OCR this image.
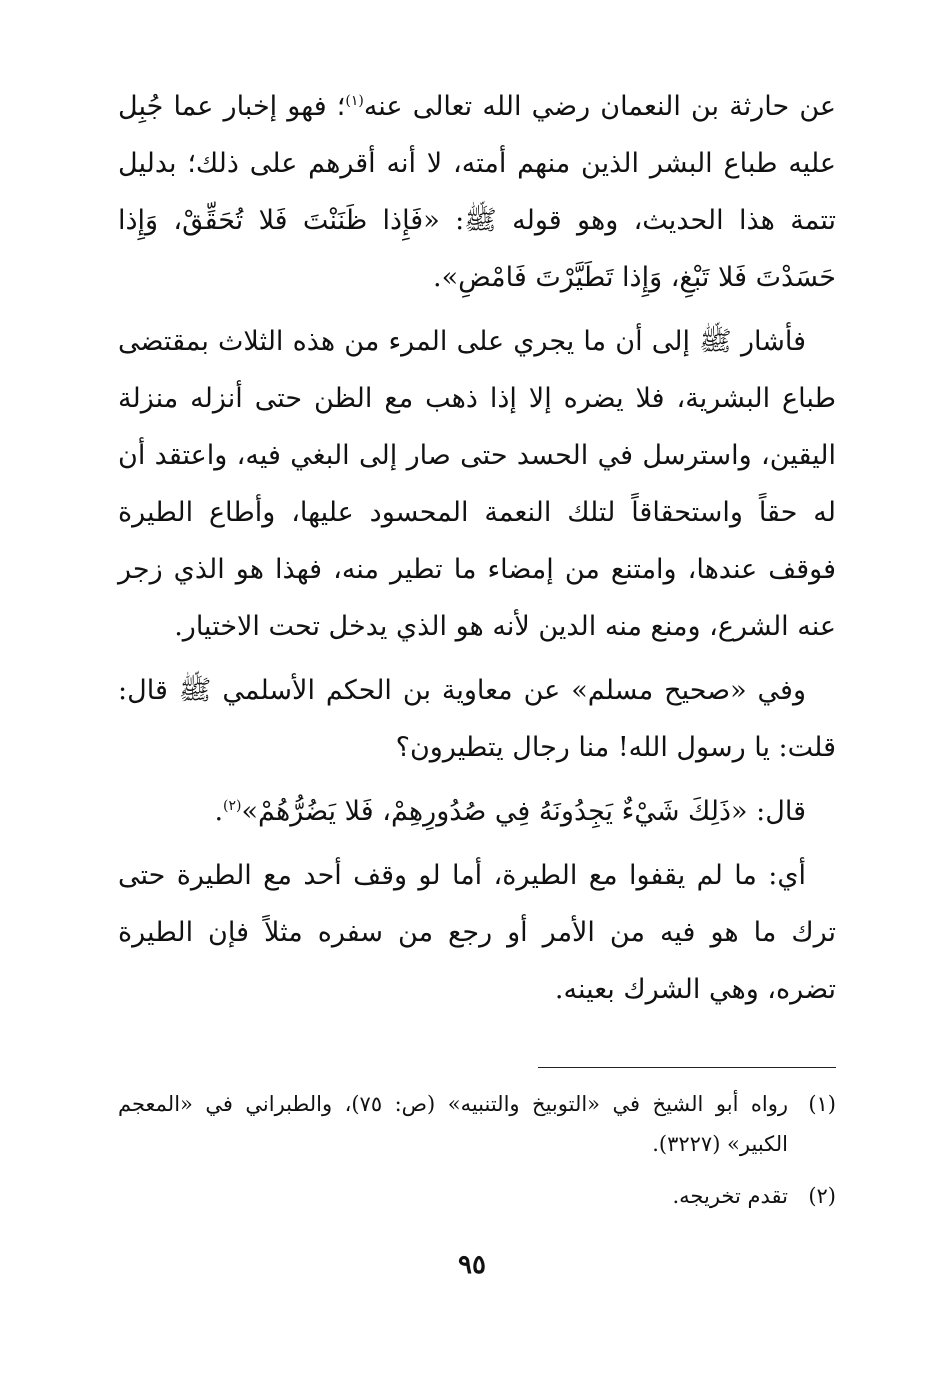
عن حارثة بن النعمان رضي الله تعالى عنه$^{(١)}$؛ فهو إخبار عما جُبِل عليه طباع البشر الذين منهم أمته، لا أنه أقرهم على ذلك؛ بدليل تتمة هذا الحديث، وهو قوله ﷺ: «فَإِذا ظَنَنْتَ فَلا تُحَقِّقْ، وَإِذا حَسَدْتَ فَلا تَبْغِ، وَإِذا تَطَيَّرْتَ فَامْضِ».

فأشار ﷺ إلى أن ما يجري على المرء من هذه الثلاث بمقتضى طباع البشرية، فلا يضره إلا إذا ذهب مع الظن حتى أنزله منزلة اليقين، واسترسل في الحسد حتى صار إلى البغي فيه، واعتقد أن له حقاً واستحقاقاً لتلك النعمة المحسود عليها، وأطاع الطيرة فوقف عندها، وامتنع من إمضاء ما تطير منه، فهذا هو الذي زجر عنه الشرع، ومنع منه الدين لأنه هو الذي يدخل تحت الاختيار.

وفي «صحيح مسلم» عن معاوية بن الحكم الأسلمي ﷺ قال: قلت: يا رسول الله! منا رجال يتطيرون؟

قال: «ذَلِكَ شَيْءٌ يَجِدُونَهُ فِي صُدُورِهِمْ، فَلا يَضُرُّهُمْ»$^{(٢)}$.

أي: ما لم يقفوا مع الطيرة، أما لو وقف أحد مع الطيرة حتى ترك ما هو فيه من الأمر أو رجع من سفره مثلاً فإن الطيرة تضره، وهي الشرك بعينه.

(١)
رواه أبو الشيخ في «التوبيخ والتنبيه» (ص: ٧٥)، والطبراني في «المعجم الكبير» (٣٢٢٧).
(٢)
تقدم تخريجه.
٩٥
